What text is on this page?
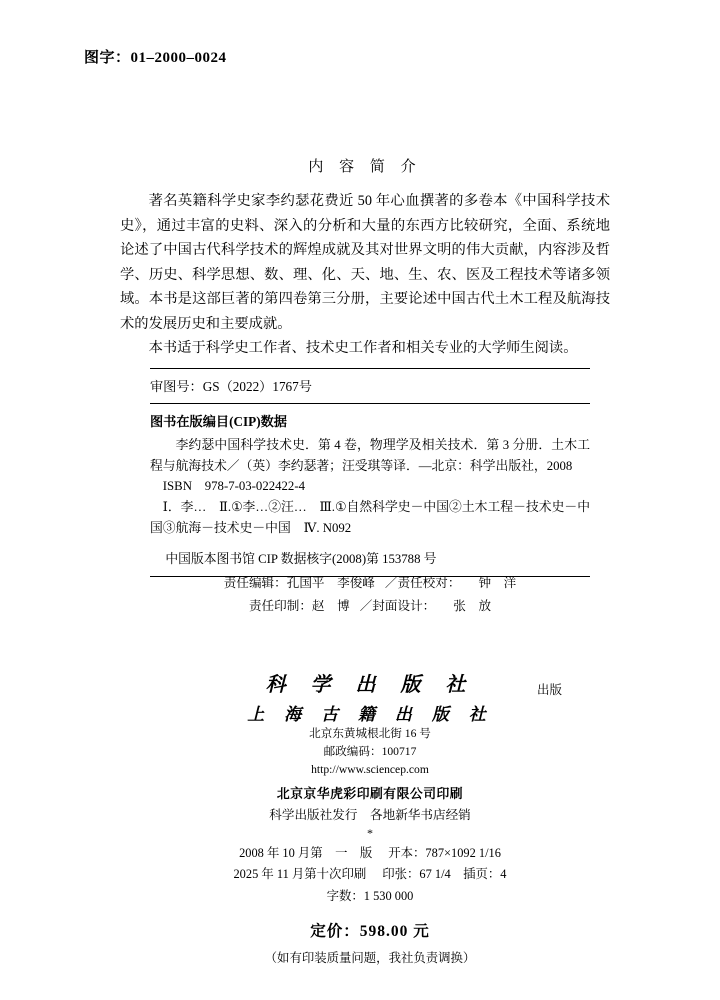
图字：01–2000–0024
内 容 简 介

著名英籍科学史家李约瑟花费近 50 年心血撰著的多卷本《中国科学技术史》，通过丰富的史料、深入的分析和大量的东西方比较研究，全面、系统地论述了中国古代科学技术的辉煌成就及其对世界文明的伟大贡献，内容涉及哲学、历史、科学思想、数、理、化、天、地、生、农、医及工程技术等诸多领域。本书是这部巨著的第四卷第三分册，主要论述中国古代土木工程及航海技术的发展历史和主要成就。

本书适于科学史工作者、技术史工作者和相关专业的大学师生阅读。

审图号：GS（2022）1767号

图书在版编目(CIP)数据

李约瑟中国科学技术史．第 4 卷，物理学及相关技术．第 3 分册．土木工程与航海技术／（英）李约瑟著；汪受琪等译．—北京：科学出版社，2008

ISBN　978-7-03-022422-4

Ⅰ．李…　Ⅱ.①李…②汪…　Ⅲ.①自然科学史－中国②土木工程－技术史－中国③航海－技术史－中国　Ⅳ. N092

中国版本图书馆 CIP 数据核字(2008)第 153788 号

责任编辑：孔国平　李俊峰 ／责任校对： 钟　洋
责任印制：赵　博 ／封面设计： 张　放
科 学 出 版 社	出版
上 海 古 籍 出 版 社
北京东黄城根北街 16 号
邮政编码：100717
http://www.sciencep.com
北京京华虎彩印刷有限公司印刷
科学出版社发行　各地新华书店经销
*
2008 年 10 月第　一　版 开本：787×1092 1/16
2025 年 11 月第十次印刷 印张：67 1/4　插页：4
字数：1 530 000
定价：598.00 元
（如有印装质量问题，我社负责调换）
